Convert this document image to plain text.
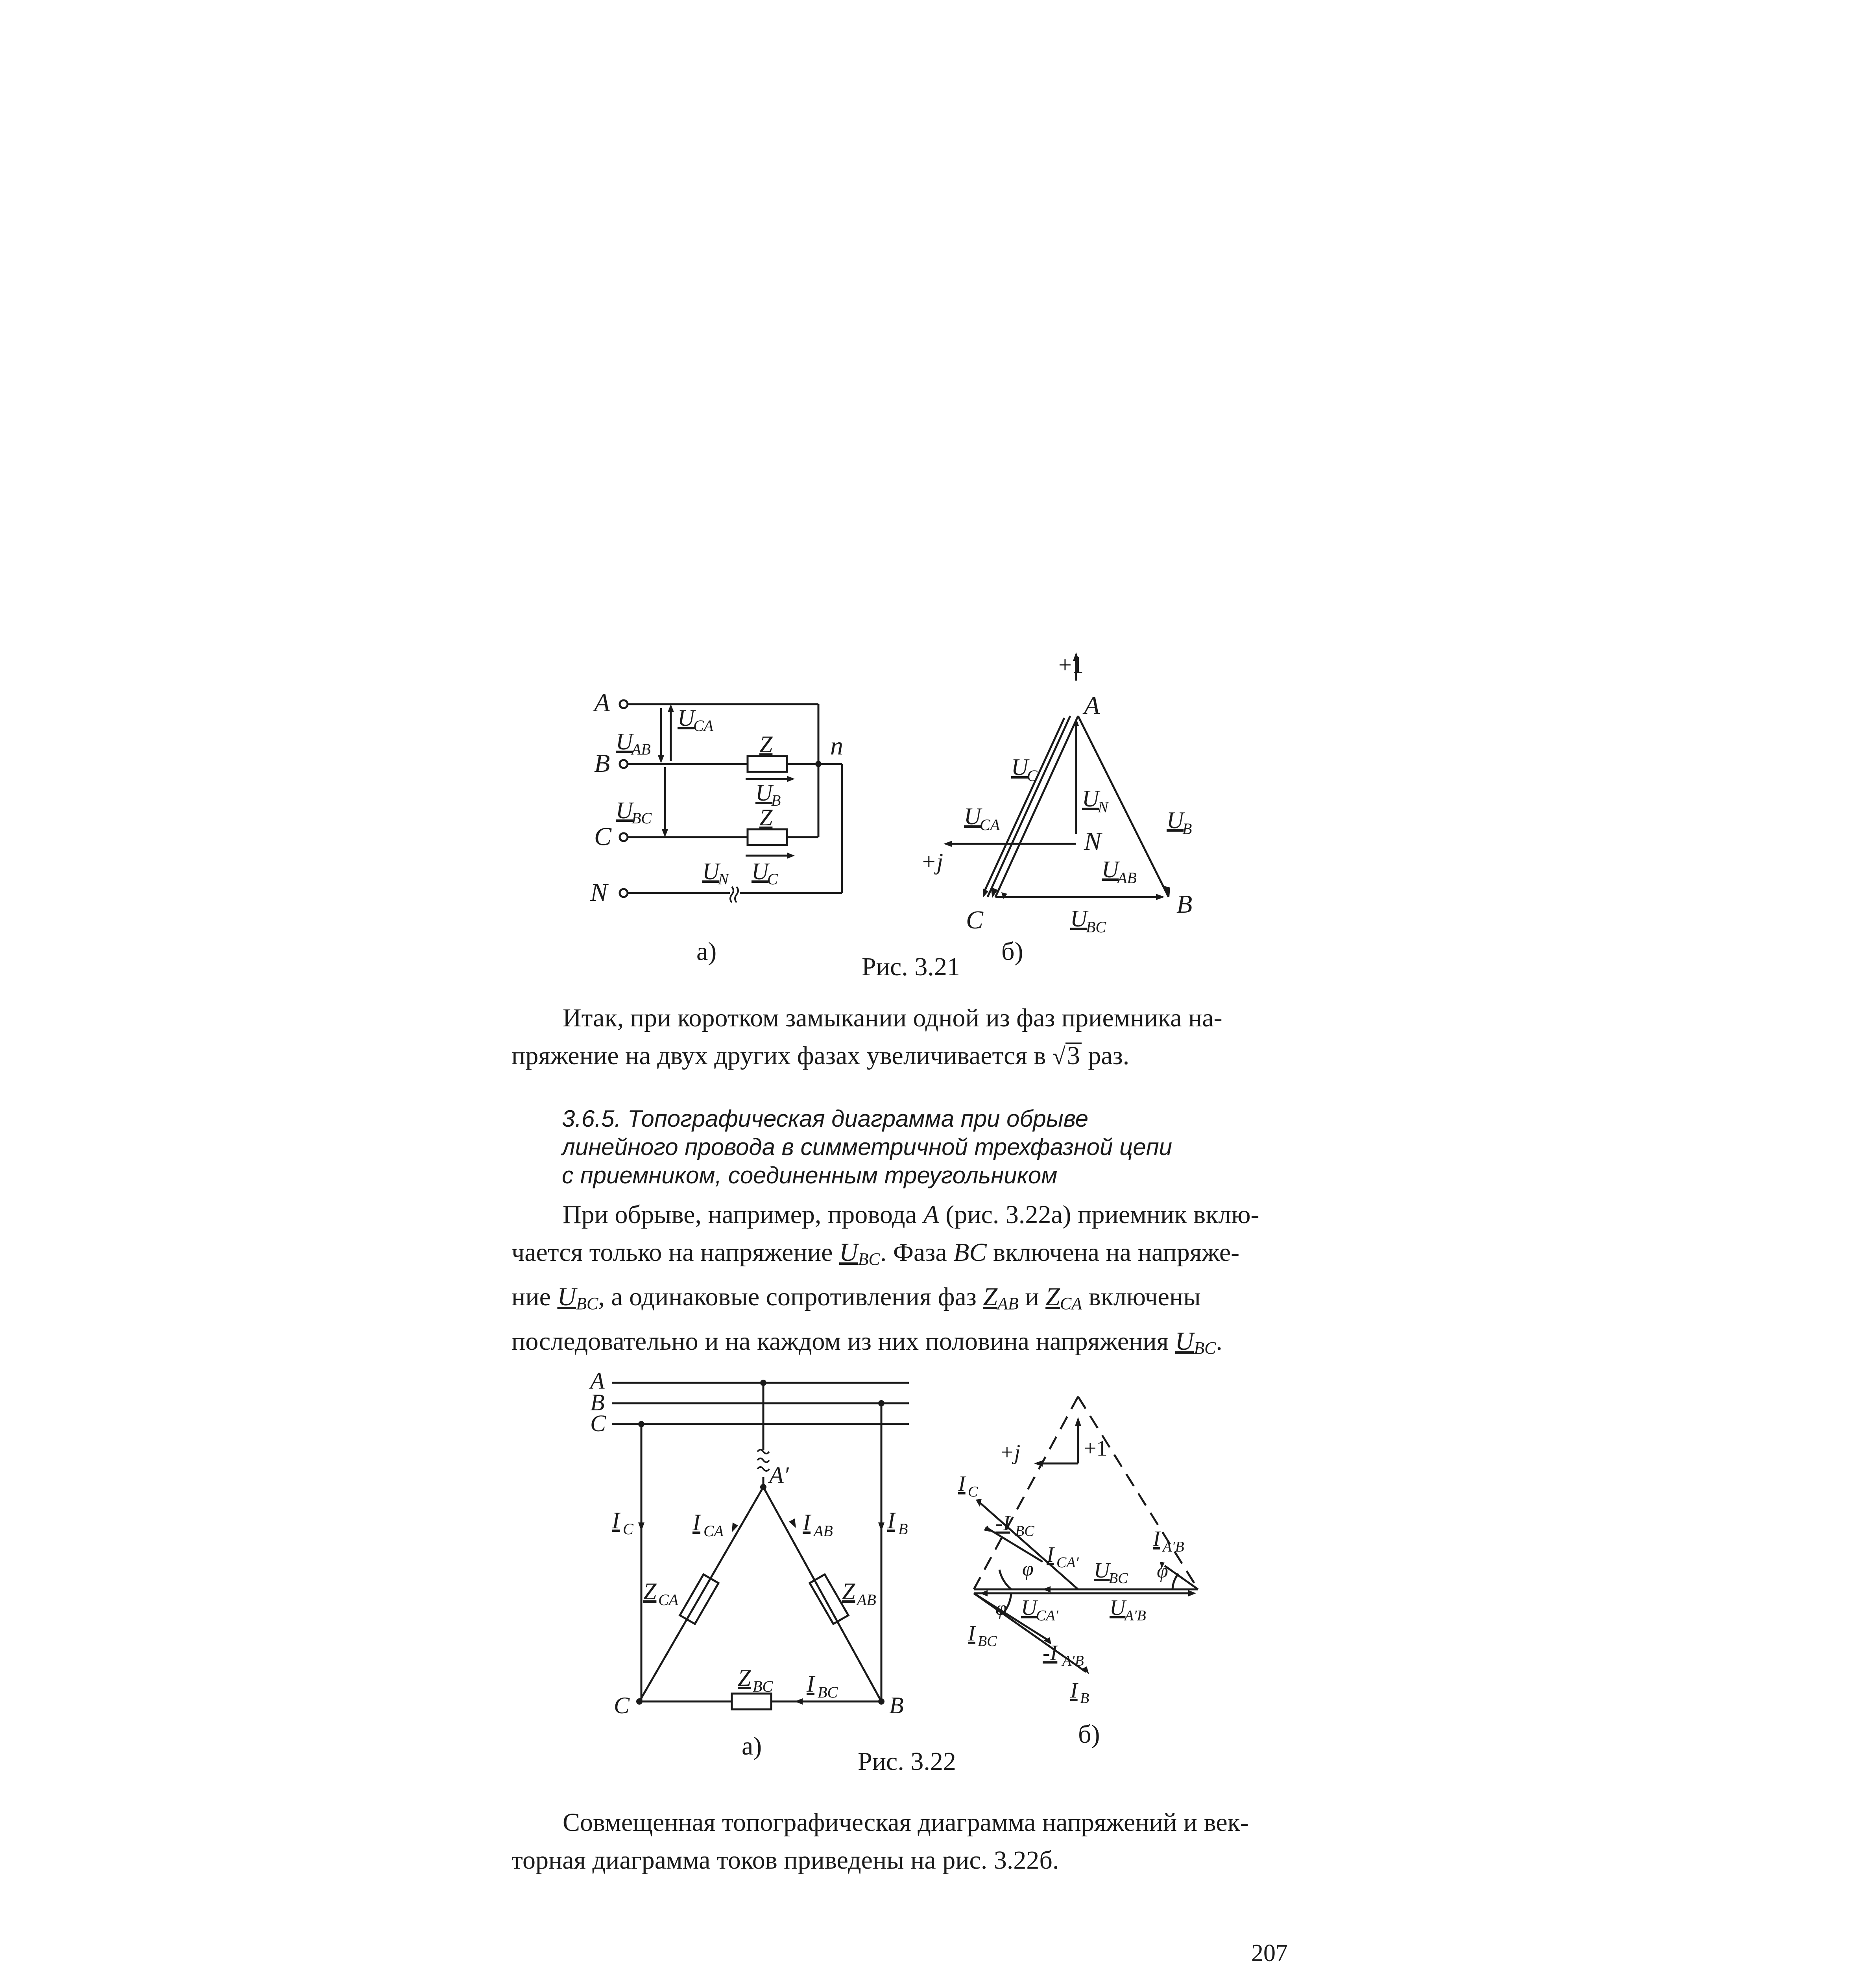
A
B
C
N
n
U
CA
U
AB
U
BC
Z
Z
U
B
U
N U
C
а)
+1
+j
A
B
C
N
U
C
U
B
U
N
U
CA
U
AB
U
BC
б)
Рис. 3.21

Итак, при коротком замыкании одной из фаз приемника на-

пряжение на двух других фазах увеличивается в √3 раз.
3.6.5. Топографическая диаграмма при обрыве
линейного провода в симметричной трехфазной цепи
с приемником, соединенным треугольником

При обрыве, например, провода A (рис. 3.22а) приемник вклю-

чается только на напряжение $U_{BC}$. Фаза BC включена на напряже-
ние $U_{BC}$, а одинаковые сопротивления фаз $Z_{AB}$ и $Z_{CA}$ включены
последовательно и на каждом из них половина напряжения $U_{BC}$.
A
B
C
A′
B
C
I C	I B
I CA	I AB
Z CA	Z AB
Z BC I BC
а)
Рис. 3.22
+j	+1
I C
-I BC
I CA′ U
BC
I A′B
φ	φ
φ U
CA′ U
A′B
I BC -I A′B
I B
б)

Совмещенная топографическая диаграмма напряжений и век-

торная диаграмма токов приведены на рис. 3.22б.
207
